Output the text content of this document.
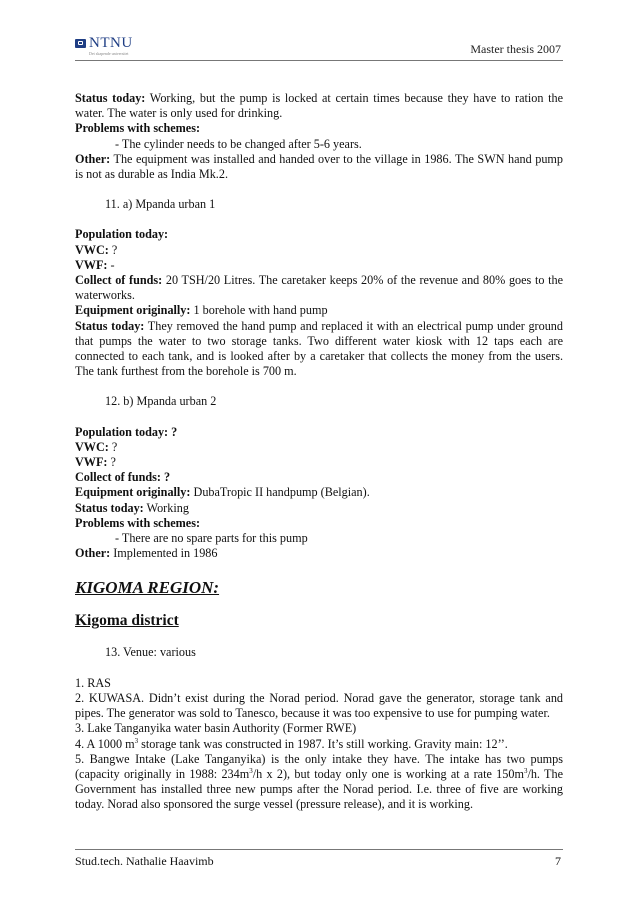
NTNU
Det skapende universitet	Master thesis 2007

Status today: Working, but the pump is locked at certain times because they have to ration the water. The water is only used for drinking.

Problems with schemes:

- The cylinder needs to be changed after 5-6 years.

Other: The equipment was installed and handed over to the village in 1986. The SWN hand pump is not as durable as India Mk.2.

11. a) Mpanda urban 1

Population today:

VWC: ?

VWF: -

Collect of funds: 20 TSH/20 Litres. The caretaker keeps 20% of the revenue and 80% goes to the waterworks.

Equipment originally: 1 borehole with hand pump

Status today: They removed the hand pump and replaced it with an electrical pump under ground that pumps the water to two storage tanks. Two different water kiosk with 12 taps each are connected to each tank, and is looked after by a caretaker that collects the money from the users. The tank furthest from the borehole is 700 m.

12. b) Mpanda urban 2

Population today: ?

VWC: ?

VWF: ?

Collect of funds: ?

Equipment originally: DubaTropic II handpump (Belgian).

Status today: Working

Problems with schemes:

- There are no spare parts for this pump

Other: Implemented in 1986

KIGOMA REGION:
Kigoma district

13. Venue: various

1. RAS

2. KUWASA. Didn’t exist during the Norad period. Norad gave the generator, storage tank and pipes. The generator was sold to Tanesco, because it was too expensive to use for pumping water.

3. Lake Tanganyika water basin Authority (Former RWE)

4. A 1000 $m^3$ storage tank was constructed in 1987. It’s still working. Gravity main: 12’’.

5. Bangwe Intake (Lake Tanganyika) is the only intake they have. The intake has two pumps (capacity originally in 1988: $234m^3/h$ x 2), but today only one is working at a rate $150m^3/h$. The Government has installed three new pumps after the Norad period. I.e. three of five are working today. Norad also sponsored the surge vessel (pressure release), and it is working.

Stud.tech. Nathalie Haavimb	7
